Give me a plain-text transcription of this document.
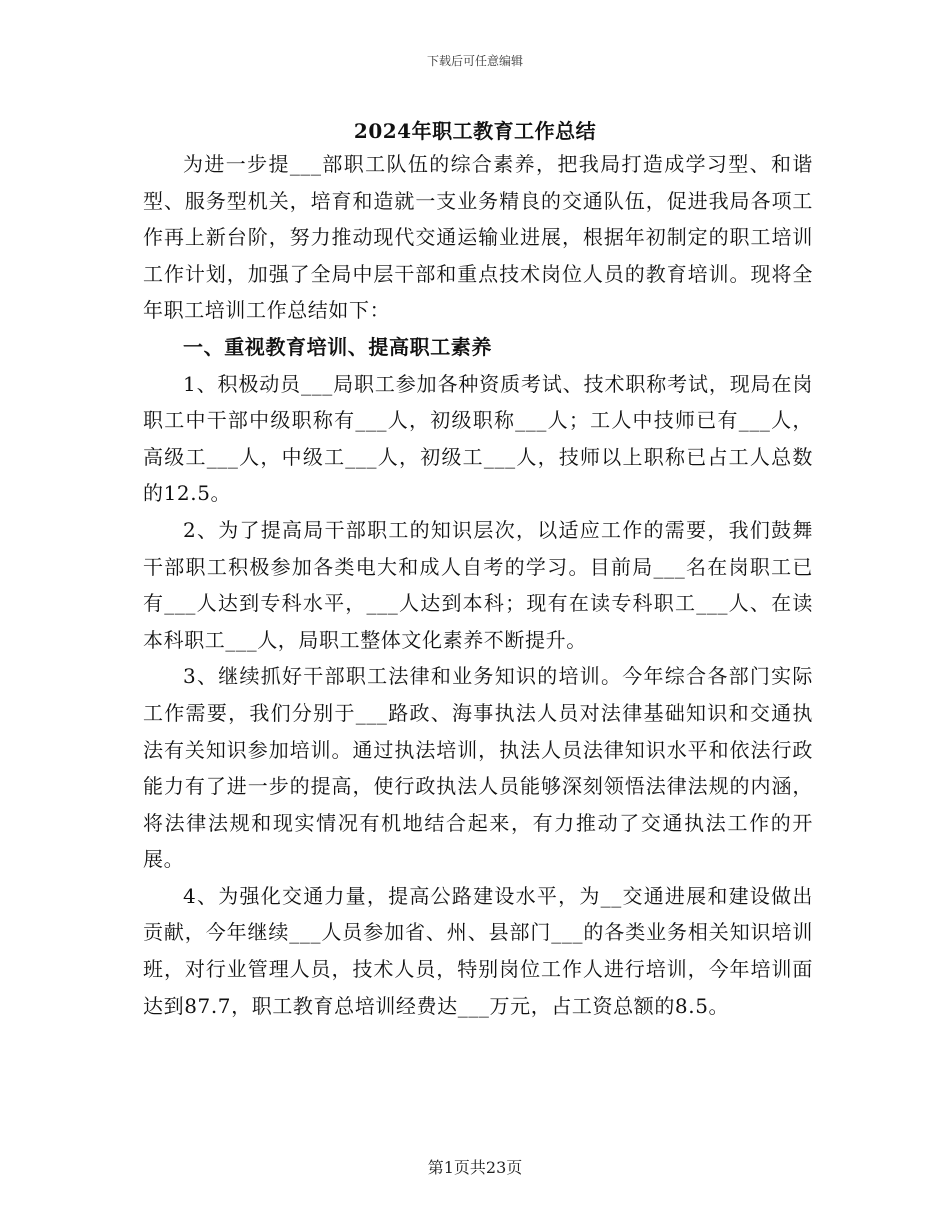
下载后可任意编辑
2024年职工教育工作总结

为进一步提___部职工队伍的综合素养，把我局打造成学习型、和谐型、服务型机关，培育和造就一支业务精良的交通队伍，促进我局各项工作再上新台阶，努力推动现代交通运输业进展，根据年初制定的职工培训工作计划，加强了全局中层干部和重点技术岗位人员的教育培训。现将全年职工培训工作总结如下：

一、重视教育培训、提高职工素养

1、积极动员___局职工参加各种资质考试、技术职称考试，现局在岗职工中干部中级职称有___人，初级职称___人；工人中技师已有___人，高级工___人，中级工___人，初级工___人，技师以上职称已占工人总数的12.5。

2、为了提高局干部职工的知识层次，以适应工作的需要，我们鼓舞干部职工积极参加各类电大和成人自考的学习。目前局___名在岗职工已有___人达到专科水平，___人达到本科；现有在读专科职工___人、在读本科职工___人，局职工整体文化素养不断提升。

3、继续抓好干部职工法律和业务知识的培训。今年综合各部门实际工作需要，我们分别于___路政、海事执法人员对法律基础知识和交通执法有关知识参加培训。通过执法培训，执法人员法律知识水平和依法行政能力有了进一步的提高，使行政执法人员能够深刻领悟法律法规的内涵，将法律法规和现实情况有机地结合起来，有力推动了交通执法工作的开展。

4、为强化交通力量，提高公路建设水平，为__交通进展和建设做出贡献，今年继续___人员参加省、州、县部门___的各类业务相关知识培训班，对行业管理人员，技术人员，特别岗位工作人进行培训，今年培训面达到87.7，职工教育总培训经费达___万元，占工资总额的8.5。

第1页共23页
